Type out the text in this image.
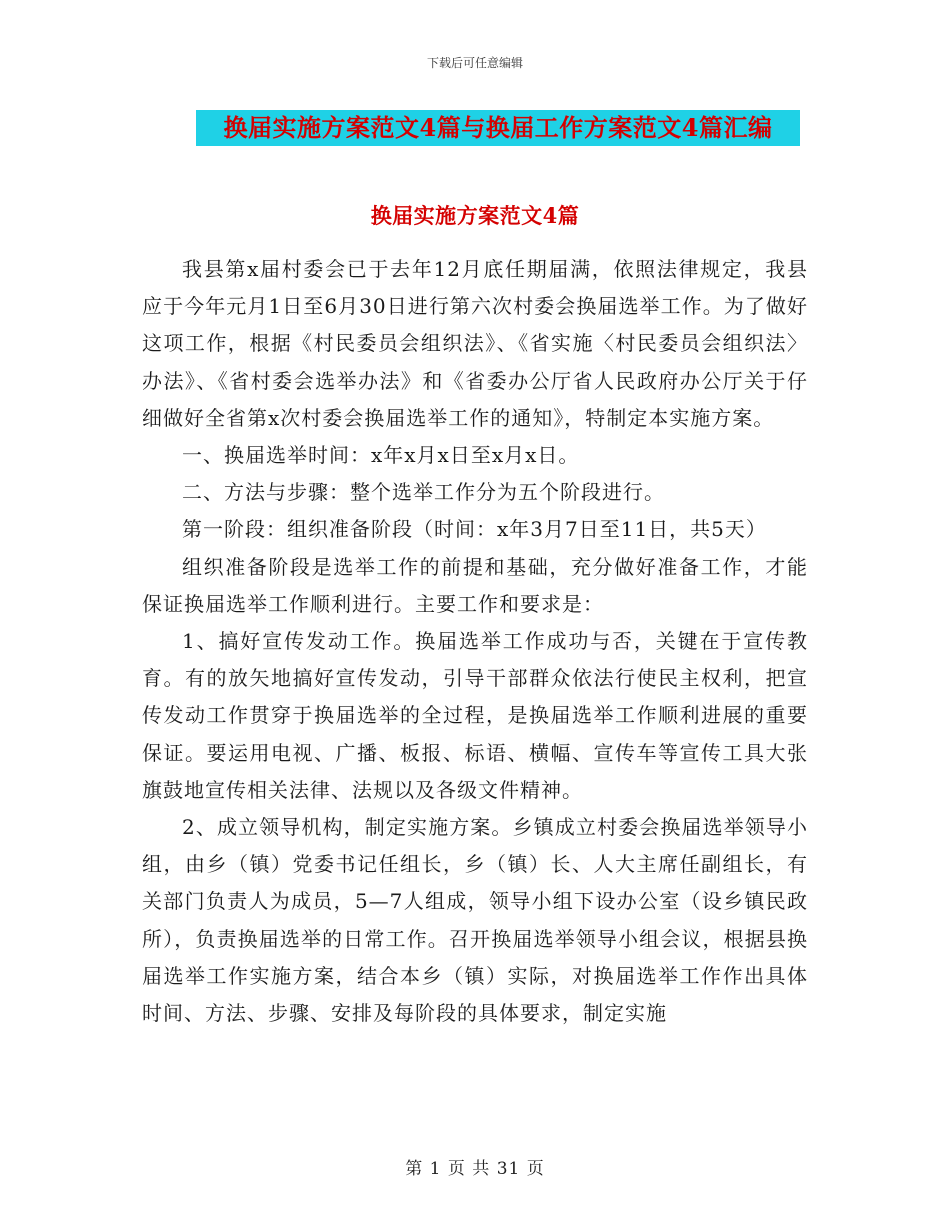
下载后可任意编辑
换届实施方案范文4篇与换届工作方案范文4篇汇编
换届实施方案范文4篇

我县第x届村委会已于去年12月底任期届满，依照法律规定，我县应于今年元月1日至6月30日进行第六次村委会换届选举工作。为了做好这项工作，根据《村民委员会组织法》、《省实施〈村民委员会组织法〉办法》、《省村委会选举办法》和《省委办公厅省人民政府办公厅关于仔细做好全省第x次村委会换届选举工作的通知》，特制定本实施方案。

一、换届选举时间：x年x月x日至x月x日。

二、方法与步骤：整个选举工作分为五个阶段进行。

第一阶段：组织准备阶段（时间：x年3月7日至11日，共5天）

组织准备阶段是选举工作的前提和基础，充分做好准备工作，才能保证换届选举工作顺利进行。主要工作和要求是：

1、搞好宣传发动工作。换届选举工作成功与否，关键在于宣传教育。有的放矢地搞好宣传发动，引导干部群众依法行使民主权利，把宣传发动工作贯穿于换届选举的全过程，是换届选举工作顺利进展的重要保证。要运用电视、广播、板报、标语、横幅、宣传车等宣传工具大张旗鼓地宣传相关法律、法规以及各级文件精神。

2、成立领导机构，制定实施方案。乡镇成立村委会换届选举领导小组，由乡（镇）党委书记任组长，乡（镇）长、人大主席任副组长，有关部门负责人为成员，5—7人组成，领导小组下设办公室（设乡镇民政所），负责换届选举的日常工作。召开换届选举领导小组会议，根据县换届选举工作实施方案，结合本乡（镇）实际，对换届选举工作作出具体时间、方法、步骤、安排及每阶段的具体要求，制定实施

第 1 页 共 31 页
